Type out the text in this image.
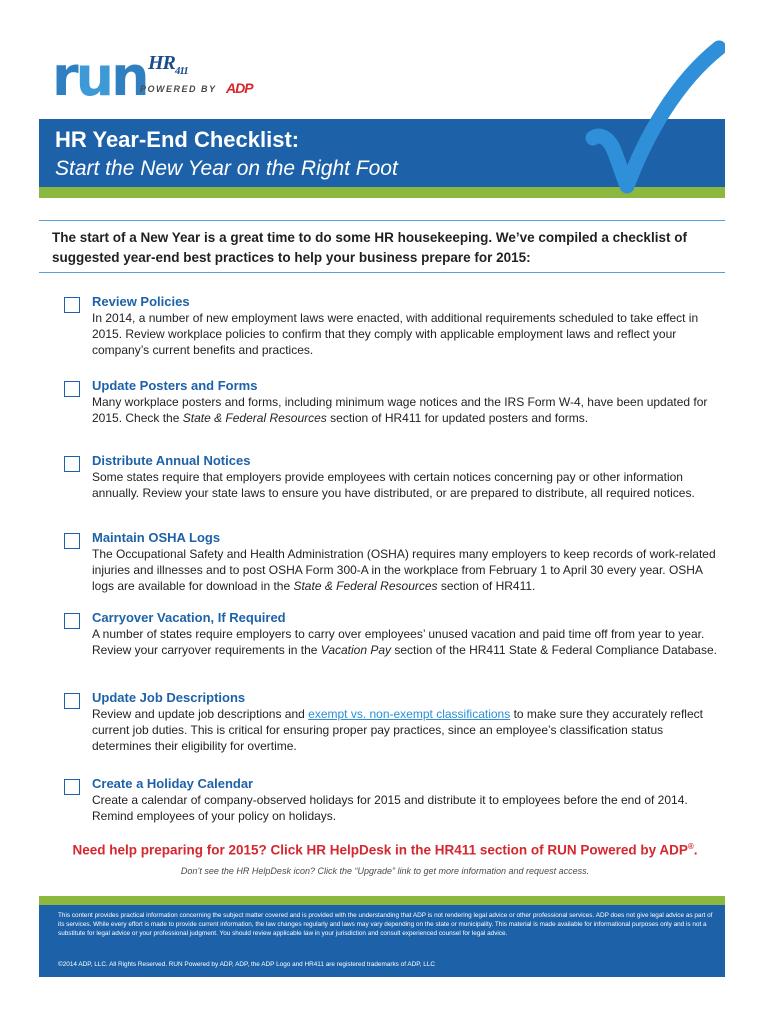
run $HR_{411}$
POWERED BY ADP
HR Year-End Checklist:
Start the New Year on the Right Foot
The start of a New Year is a great time to do some HR housekeeping. We’ve compiled a checklist of suggested year-end best practices to help your business prepare for 2015:
Review Policies
In 2014, a number of new employment laws were enacted, with additional requirements scheduled to take effect in 2015. Review workplace policies to confirm that they comply with applicable employment laws and reflect your company’s current benefits and practices.
Update Posters and Forms
Many workplace posters and forms, including minimum wage notices and the IRS Form W-4, have been updated for 2015. Check the State & Federal Resources section of HR411 for updated posters and forms.
Distribute Annual Notices
Some states require that employers provide employees with certain notices concerning pay or other information annually. Review your state laws to ensure you have distributed, or are prepared to distribute, all required notices.
Maintain OSHA Logs
The Occupational Safety and Health Administration (OSHA) requires many employers to keep records of work-related injuries and illnesses and to post OSHA Form 300-A in the workplace from February 1 to April 30 every year. OSHA logs are available for download in the State & Federal Resources section of HR411.
Carryover Vacation, If Required
A number of states require employers to carry over employees’ unused vacation and paid time off from year to year. Review your carryover requirements in the Vacation Pay section of the HR411 State & Federal Compliance Database.
Update Job Descriptions
Review and update job descriptions and exempt vs. non-exempt classifications to make sure they accurately reflect current job duties. This is critical for ensuring proper pay practices, since an employee’s classification status determines their eligibility for overtime.
Create a Holiday Calendar
Create a calendar of company-observed holidays for 2015 and distribute it to employees before the end of 2014. Remind employees of your policy on holidays.
Need help preparing for 2015? Click HR HelpDesk in the HR411 section of RUN Powered by ADP®.
Don’t see the HR HelpDesk icon? Click the “Upgrade” link to get more information and request access.
This content provides practical information concerning the subject matter covered and is provided with the understanding that ADP is not rendering legal advice or other professional services. ADP does not give legal advice as part of its services. While every effort is made to provide current information, the law changes regularly and laws may vary depending on the state or municipality. This material is made available for informational purposes only and is not a substitute for legal advice or your professional judgment. You should review applicable law in your jurisdiction and consult experienced counsel for legal advice.
©2014 ADP, LLC. All Rights Reserved. RUN Powered by ADP, ADP, the ADP Logo and HR411 are registered trademarks of ADP, LLC
